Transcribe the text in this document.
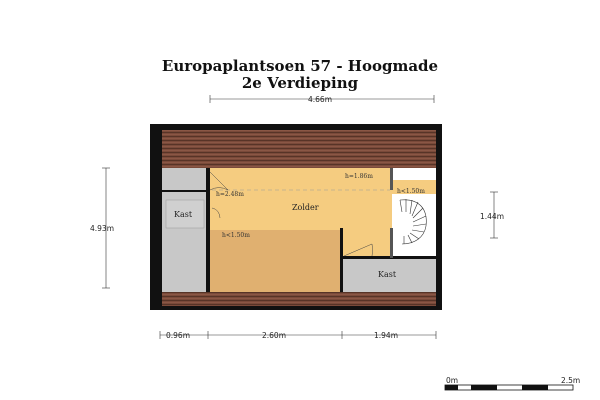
Europaplantsoen 57 - Hoogmade
2e Verdieping
Zolder
Kast
Kast
h=1.86m
h=2.48m
h<1.50m
h<1.50m
4.66m
4.93m
1.44m
0.96m	2.60m	1.94m
0m	2.5m
